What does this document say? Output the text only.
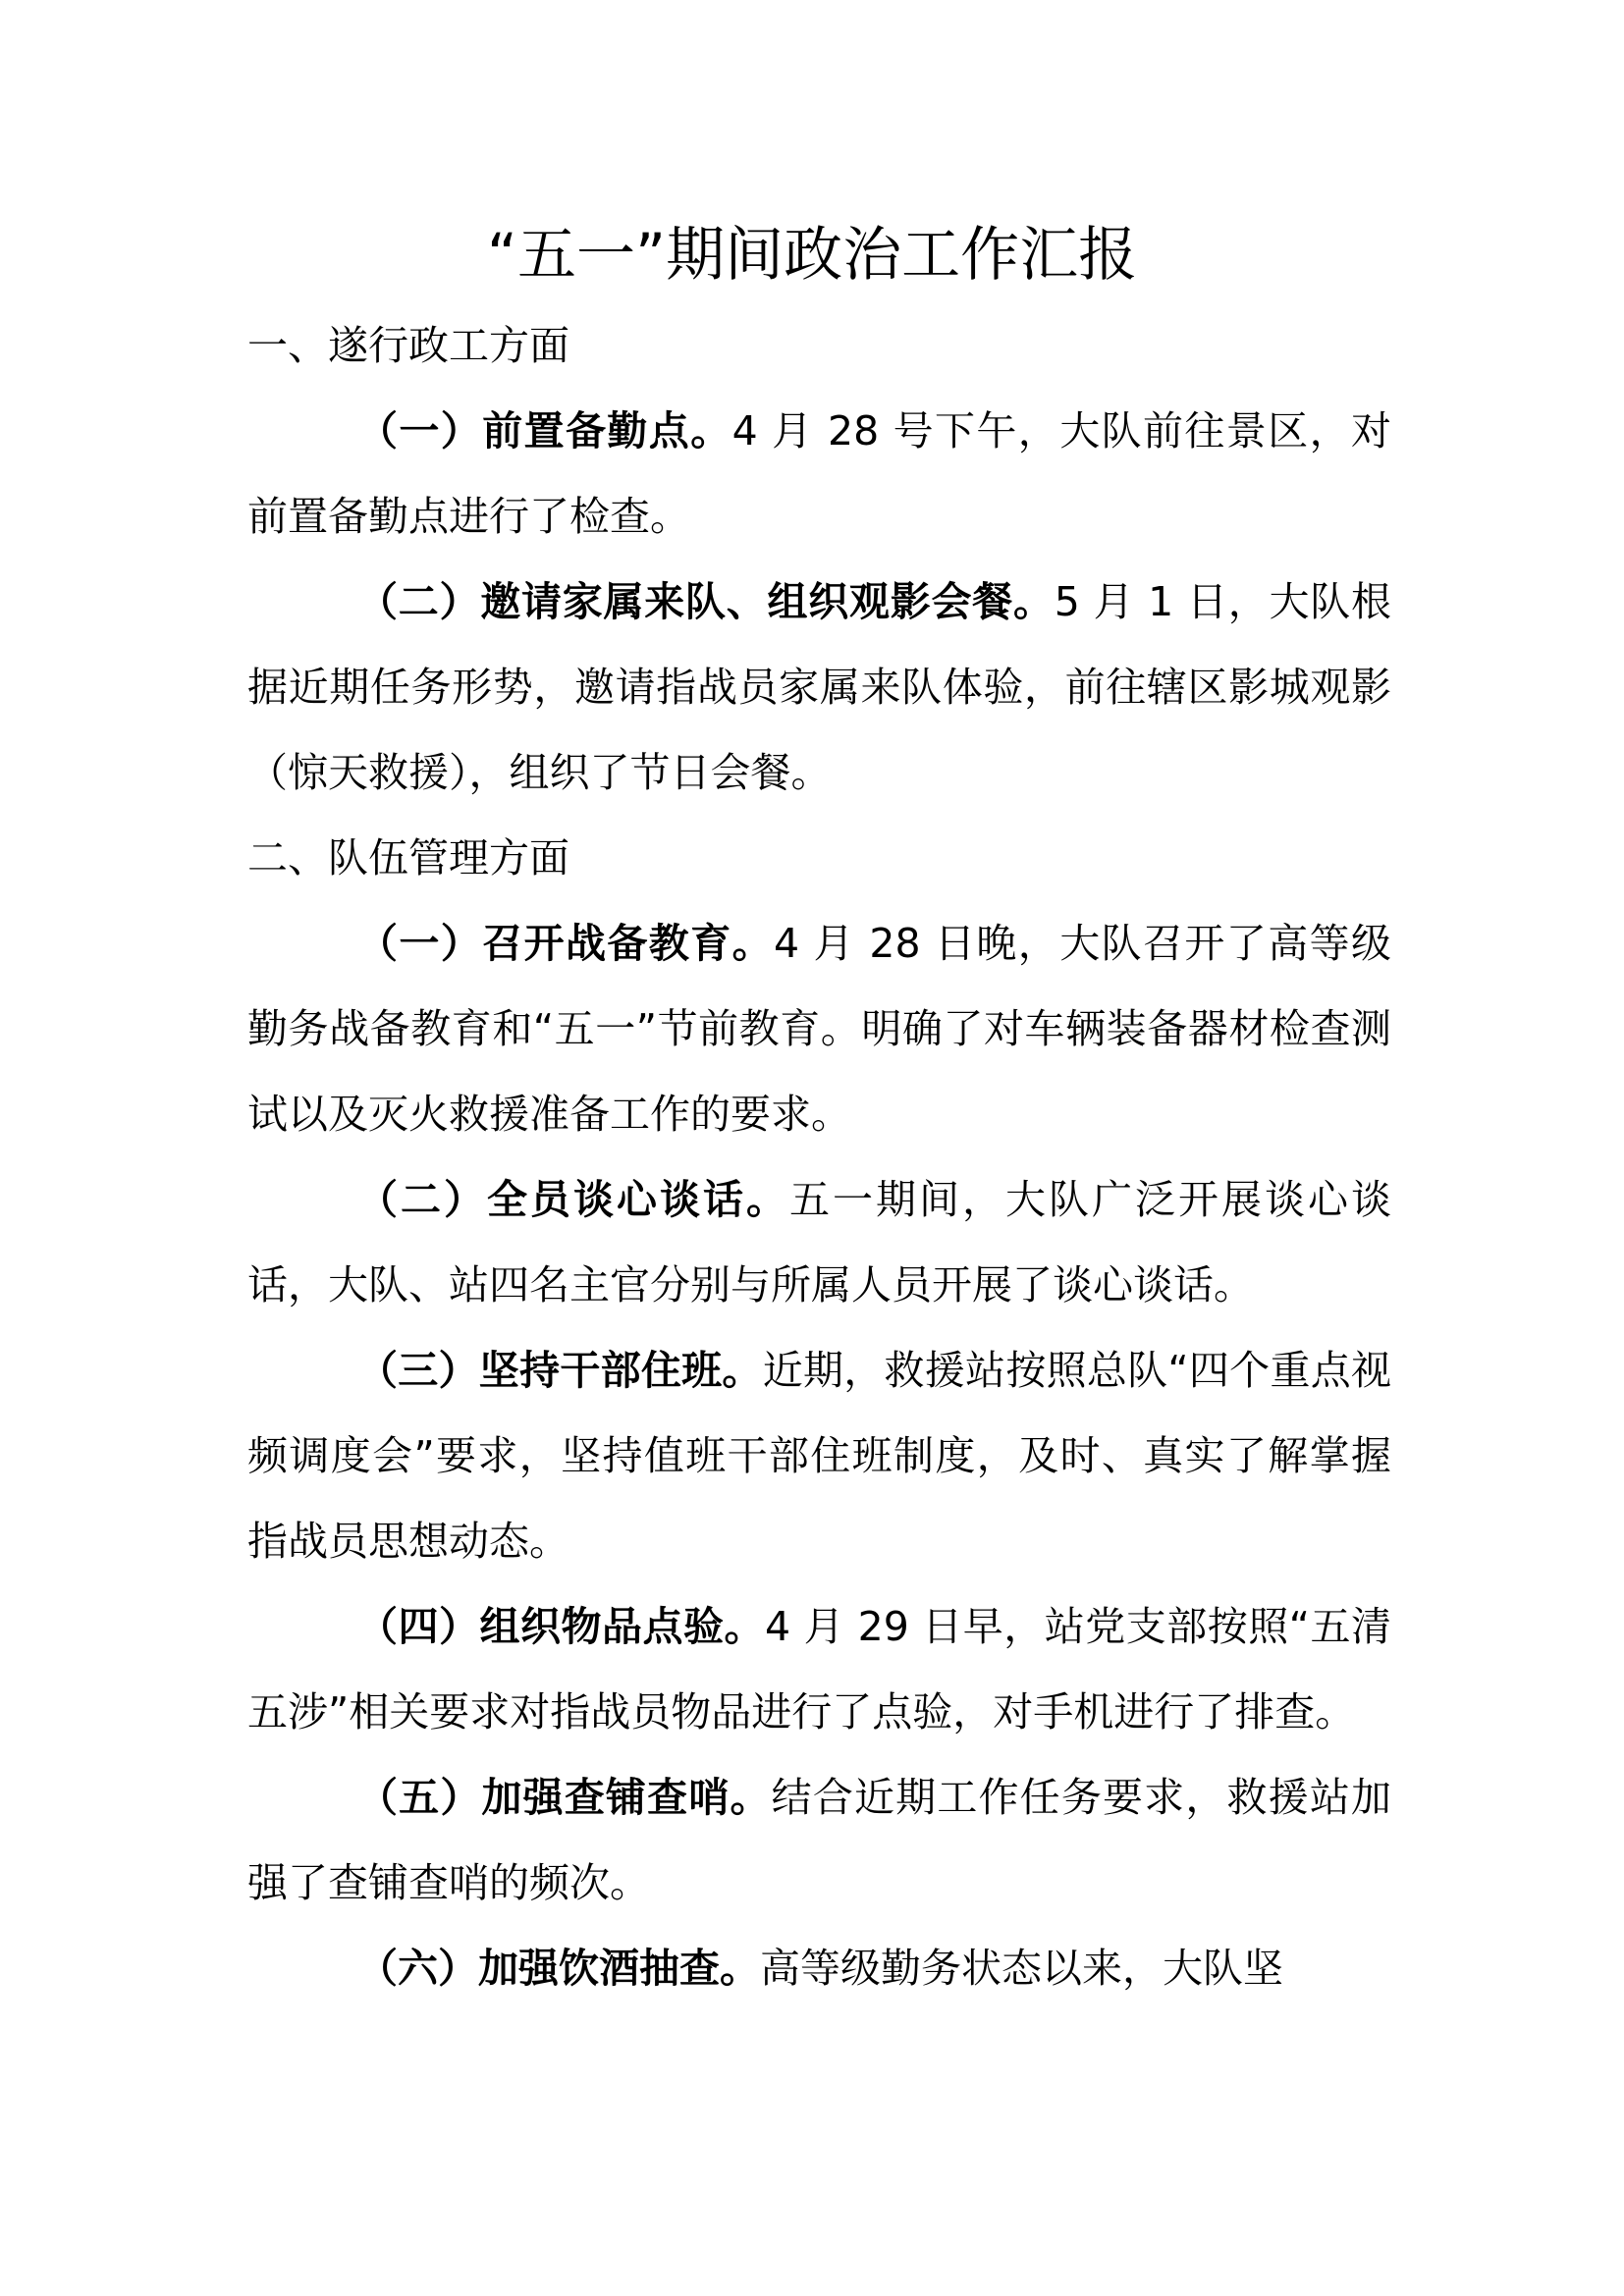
“五一”期间政治工作汇报

一、遂行政工方面

（一）前置备勤点。4 月 28 号下午，大队前往景区，对前置备勤点进行了检查。

（二）邀请家属来队、组织观影会餐。5 月 1 日，大队根据近期任务形势，邀请指战员家属来队体验，前往辖区影城观影（惊天救援），组织了节日会餐。

二、队伍管理方面

（一）召开战备教育。4 月 28 日晚，大队召开了高等级勤务战备教育和“五一”节前教育。明确了对车辆装备器材检查测试以及灭火救援准备工作的要求。

（二）全员谈心谈话。五一期间，大队广泛开展谈心谈话，大队、站四名主官分别与所属人员开展了谈心谈话。

（三）坚持干部住班。近期，救援站按照总队“四个重点视频调度会”要求，坚持值班干部住班制度，及时、真实了解掌握指战员思想动态。

（四）组织物品点验。4 月 29 日早，站党支部按照“五清五涉”相关要求对指战员物品进行了点验，对手机进行了排查。

（五）加强查铺查哨。结合近期工作任务要求，救援站加强了查铺查哨的频次。

（六）加强饮酒抽查。高等级勤务状态以来，大队坚
